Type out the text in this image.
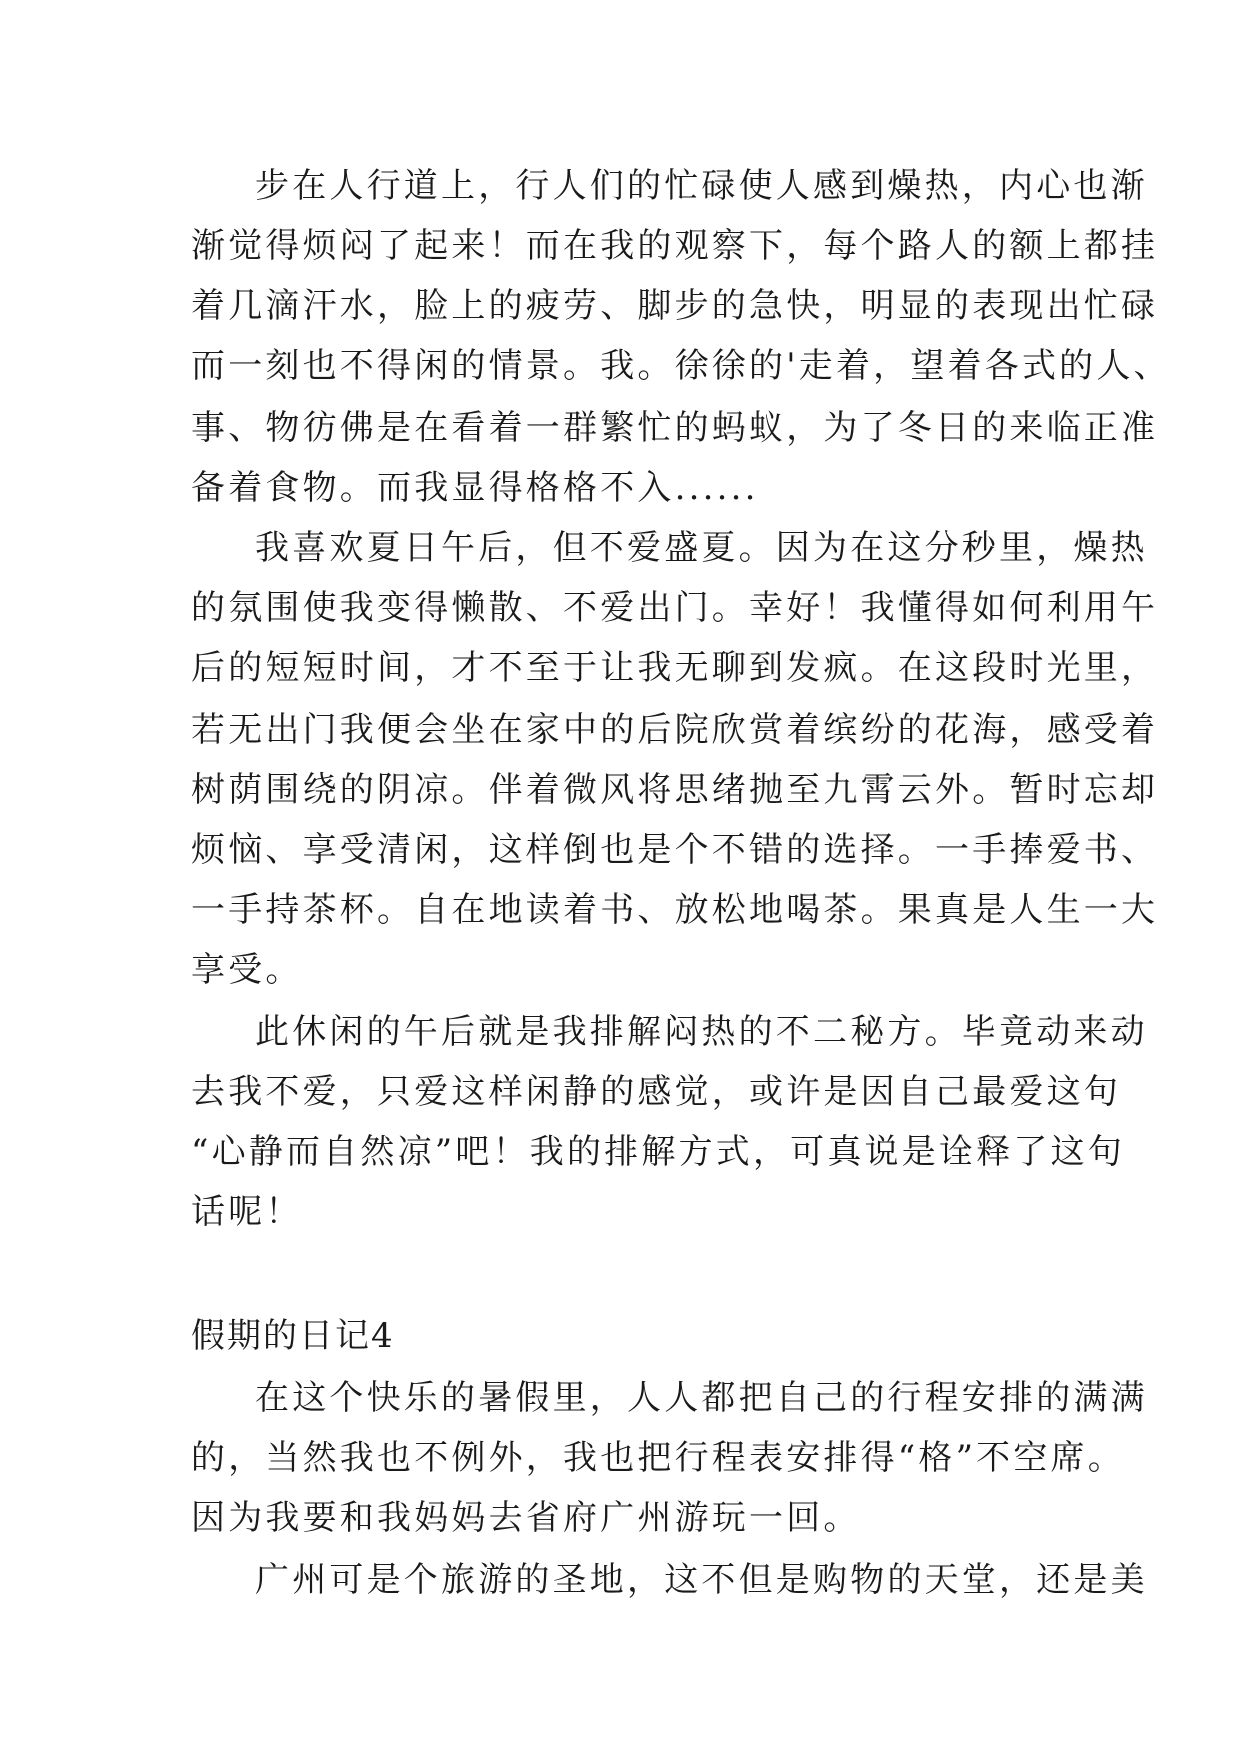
步在人行道上，行人们的忙碌使人感到燥热，内心也渐
渐觉得烦闷了起来！而在我的观察下，每个路人的额上都挂
着几滴汗水，脸上的疲劳、脚步的急快，明显的表现出忙碌
而一刻也不得闲的情景。我。徐徐的'走着，望着各式的人、
事、物彷佛是在看着一群繁忙的蚂蚁，为了冬日的来临正准
备着食物。而我显得格格不入......
我喜欢夏日午后，但不爱盛夏。因为在这分秒里，燥热
的氛围使我变得懒散、不爱出门。幸好！我懂得如何利用午
后的短短时间，才不至于让我无聊到发疯。在这段时光里，
若无出门我便会坐在家中的后院欣赏着缤纷的花海，感受着
树荫围绕的阴凉。伴着微风将思绪抛至九霄云外。暂时忘却
烦恼、享受清闲，这样倒也是个不错的选择。一手捧爱书、
一手持茶杯。自在地读着书、放松地喝茶。果真是人生一大
享受。
此休闲的午后就是我排解闷热的不二秘方。毕竟动来动
去我不爱，只爱这样闲静的感觉，或许是因自己最爱这句
“心静而自然凉”吧！我的排解方式，可真说是诠释了这句
话呢！
假期的日记4
在这个快乐的暑假里，人人都把自己的行程安排的满满
的，当然我也不例外，我也把行程表安排得“格”不空席。
因为我要和我妈妈去省府广州游玩一回。
广州可是个旅游的圣地，这不但是购物的天堂，还是美
